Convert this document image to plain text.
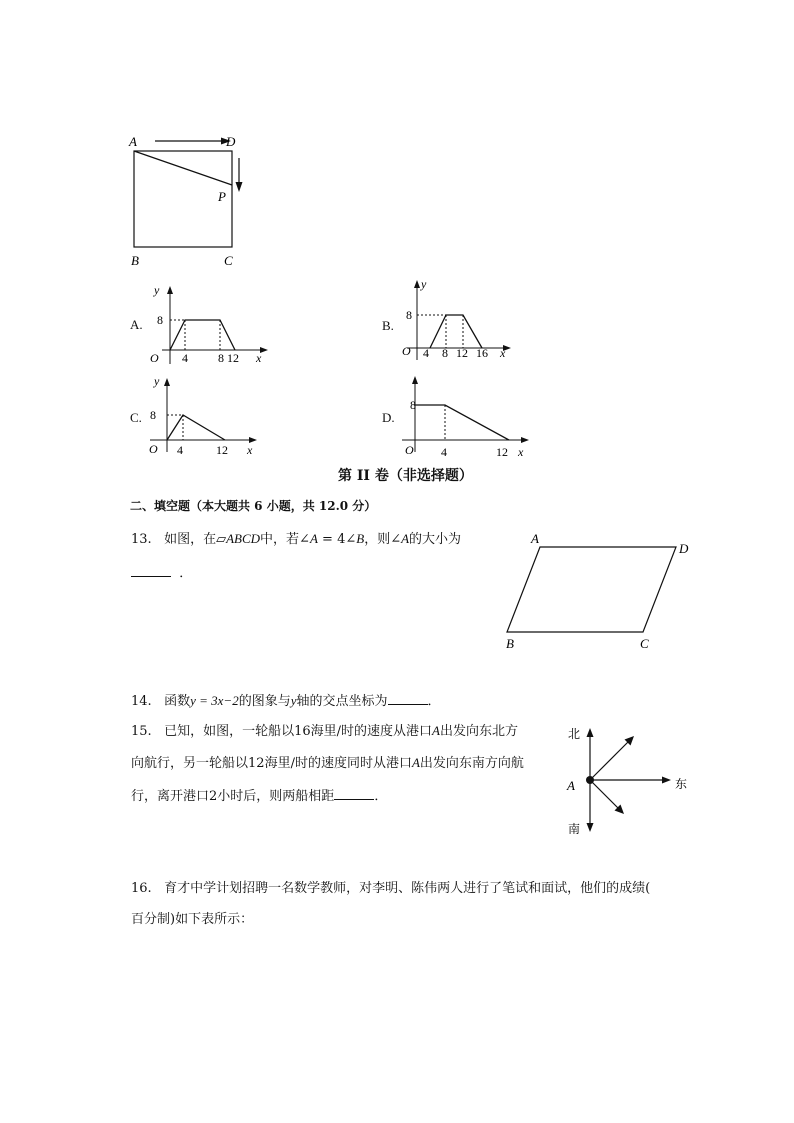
A	D
P
B	C
A.
y
8
O 4	8 12 x
B.
y
8
O 4 8 12 16 x
C.
y
8
O 4	12 x
D.
8
O 4	12 x
第 II 卷（非选择题）
二、填空题（本大题共 6 小题，共 12.0 分）
13. 如图，在▱ABCD中，若∠A = 4∠B，则∠A的大小为
．
A
D
B	C
14. 函数y = 3x−2的图象与y轴的交点坐标为	．
15. 已知，如图，一轮船以16海里/时的速度从港口A出发向东北方
向航行，另一轮船以12海里/时的速度同时从港口A出发向东南方向航
行，离开港口2小时后，则两船相距	．
北
A	东
南
16. 育才中学计划招聘一名数学教师，对李明、陈伟两人进行了笔试和面试，他们的成绩(
百分制)如下表所示：
